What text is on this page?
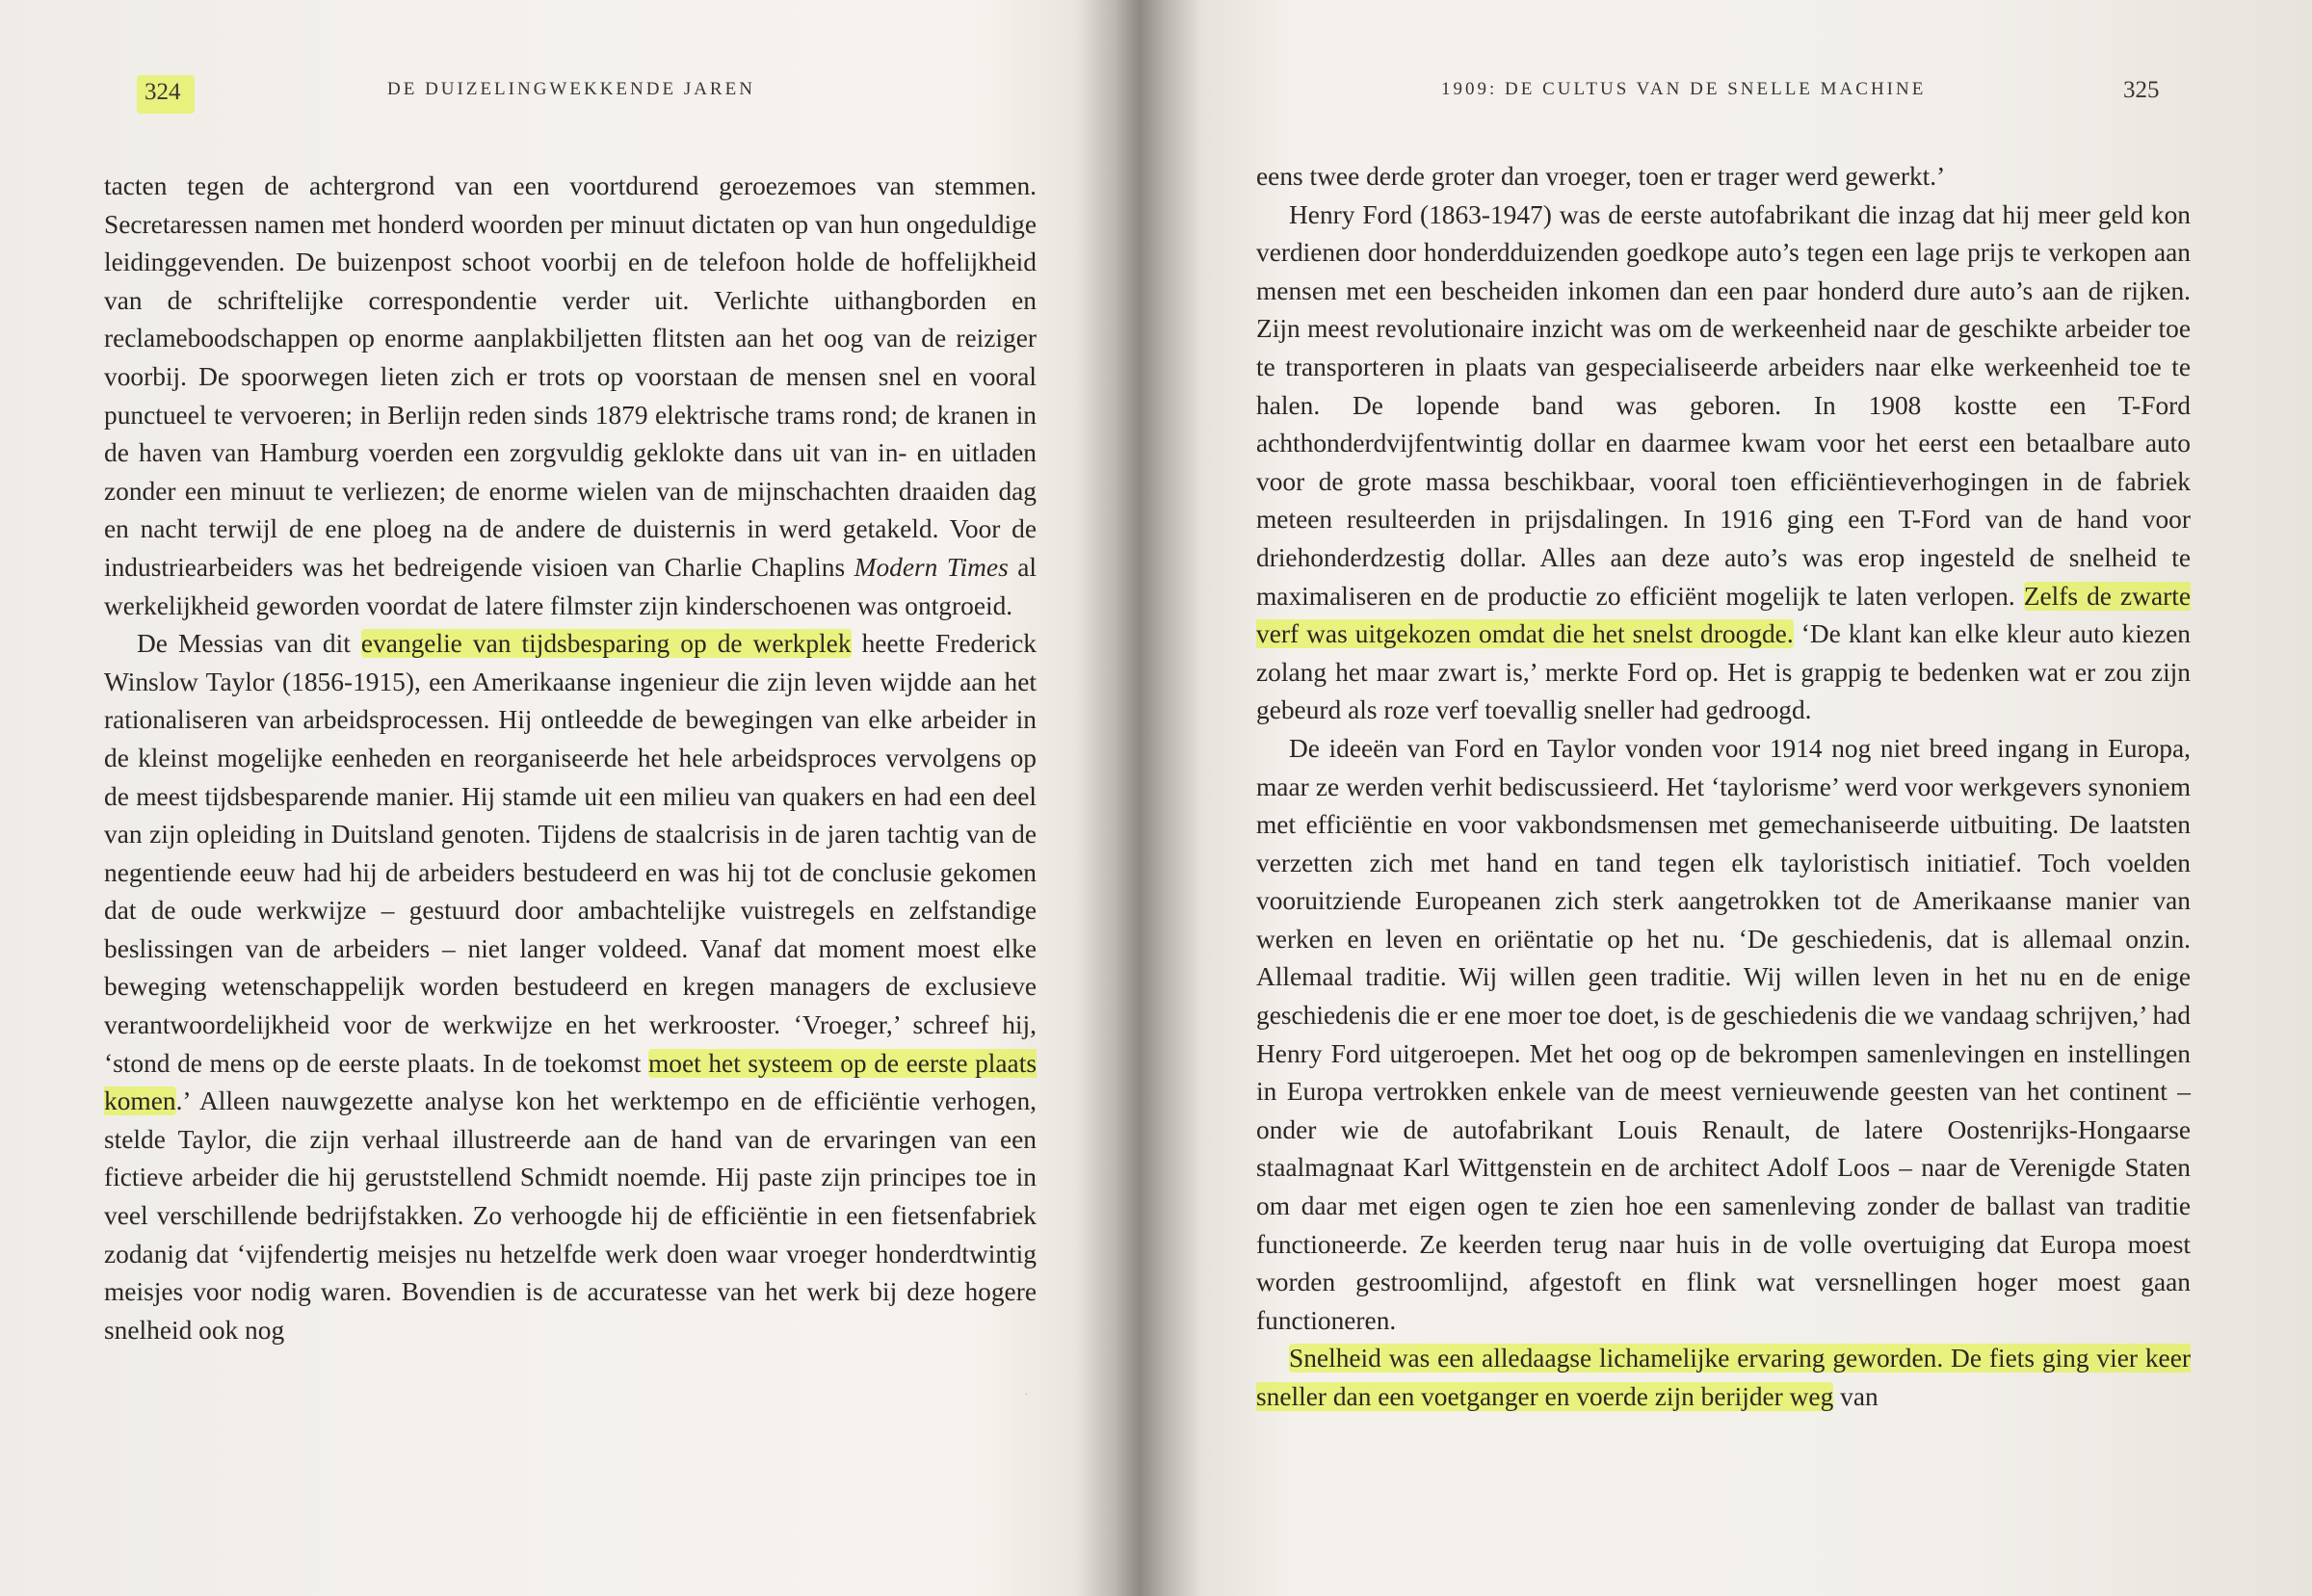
324	DE DUIZELINGWEKKENDE JAREN

tacten tegen de achtergrond van een voortdurend geroezemoes van stemmen. Secretaressen namen met honderd woorden per minuut dictaten op van hun ongeduldige leidinggevenden. De buizenpost schoot voorbij en de telefoon holde de hoffelijkheid van de schriftelijke correspondentie verder uit. Verlichte uithangborden en reclameboodschappen op enorme aanplakbiljetten flitsten aan het oog van de reiziger voorbij. De spoorwegen lieten zich er trots op voorstaan de mensen snel en vooral punctueel te vervoeren; in Berlijn reden sinds 1879 elektrische trams rond; de kranen in de haven van Hamburg voerden een zorgvuldig geklokte dans uit van in- en uitladen zonder een minuut te verliezen; de enorme wielen van de mijnschachten draaiden dag en nacht terwijl de ene ploeg na de andere de duisternis in werd getakeld. Voor de industriearbeiders was het bedreigende visioen van Charlie Chaplins Modern Times al werkelijkheid geworden voordat de latere filmster zijn kinderschoenen was ontgroeid.

De Messias van dit evangelie van tijdsbesparing op de werkplek heette Frederick Winslow Taylor (1856-1915), een Amerikaanse ingenieur die zijn leven wijdde aan het rationaliseren van arbeidsprocessen. Hij ontleedde de bewegingen van elke arbeider in de kleinst mogelijke eenheden en reorganiseerde het hele arbeidsproces vervolgens op de meest tijdsbesparende manier. Hij stamde uit een milieu van quakers en had een deel van zijn opleiding in Duitsland genoten. Tijdens de staalcrisis in de jaren tachtig van de negentiende eeuw had hij de arbeiders bestudeerd en was hij tot de conclusie gekomen dat de oude werkwijze – gestuurd door ambachtelijke vuistregels en zelfstandige beslissingen van de arbeiders – niet langer voldeed. Vanaf dat moment moest elke beweging wetenschappelijk worden bestudeerd en kregen managers de exclusieve verantwoordelijkheid voor de werkwijze en het werkrooster. ‘Vroeger,’ schreef hij, ‘stond de mens op de eerste plaats. In de toekomst moet het systeem op de eerste plaats komen.’ Alleen nauwgezette analyse kon het werktempo en de efficiëntie verhogen, stelde Taylor, die zijn verhaal illustreerde aan de hand van de ervaringen van een fictieve arbeider die hij geruststellend Schmidt noemde. Hij paste zijn principes toe in veel verschillende bedrijfstakken. Zo verhoogde hij de efficiëntie in een fietsenfabriek zodanig dat ‘vijfendertig meisjes nu hetzelfde werk doen waar vroeger honderdtwintig meisjes voor nodig waren. Bovendien is de accuratesse van het werk bij deze hogere snelheid ook nog

·
1909: DE CULTUS VAN DE SNELLE MACHINE	325

eens twee derde groter dan vroeger, toen er trager werd gewerkt.’

Henry Ford (1863-1947) was de eerste autofabrikant die inzag dat hij meer geld kon verdienen door honderdduizenden goedkope auto’s tegen een lage prijs te verkopen aan mensen met een bescheiden inkomen dan een paar honderd dure auto’s aan de rijken. Zijn meest revolutionaire inzicht was om de werkeenheid naar de geschikte arbeider toe te transporteren in plaats van gespecialiseerde arbeiders naar elke werkeenheid toe te halen. De lopende band was geboren. In 1908 kostte een T-Ford achthonderdvijfentwintig dollar en daarmee kwam voor het eerst een betaalbare auto voor de grote massa beschikbaar, vooral toen efficiëntieverhogingen in de fabriek meteen resulteerden in prijsdalingen. In 1916 ging een T-Ford van de hand voor driehonderdzestig dollar. Alles aan deze auto’s was erop ingesteld de snelheid te maximaliseren en de productie zo efficiënt mogelijk te laten verlopen. Zelfs de zwarte verf was uitgekozen omdat die het snelst droogde. ‘De klant kan elke kleur auto kiezen zolang het maar zwart is,’ merkte Ford op. Het is grappig te bedenken wat er zou zijn gebeurd als roze verf toevallig sneller had gedroogd.

De ideeën van Ford en Taylor vonden voor 1914 nog niet breed ingang in Europa, maar ze werden verhit bediscussieerd. Het ‘taylorisme’ werd voor werkgevers synoniem met efficiëntie en voor vakbondsmensen met gemechaniseerde uitbuiting. De laatsten verzetten zich met hand en tand tegen elk tayloristisch initiatief. Toch voelden vooruitziende Europeanen zich sterk aangetrokken tot de Amerikaanse manier van werken en leven en oriëntatie op het nu. ‘De geschiedenis, dat is allemaal onzin. Allemaal traditie. Wij willen geen traditie. Wij willen leven in het nu en de enige geschiedenis die er ene moer toe doet, is de geschiedenis die we vandaag schrijven,’ had Henry Ford uitgeroepen. Met het oog op de bekrompen samenlevingen en instellingen in Europa vertrokken enkele van de meest vernieuwende geesten van het continent – onder wie de autofabrikant Louis Renault, de latere Oostenrijks-Hongaarse staalmagnaat Karl Wittgenstein en de architect Adolf Loos – naar de Verenigde Staten om daar met eigen ogen te zien hoe een samenleving zonder de ballast van traditie functioneerde. Ze keerden terug naar huis in de volle overtuiging dat Europa moest worden gestroomlijnd, afgestoft en flink wat versnellingen hoger moest gaan functioneren.

Snelheid was een alledaagse lichamelijke ervaring geworden. De fiets ging vier keer sneller dan een voetganger en voerde zijn berijder weg van
